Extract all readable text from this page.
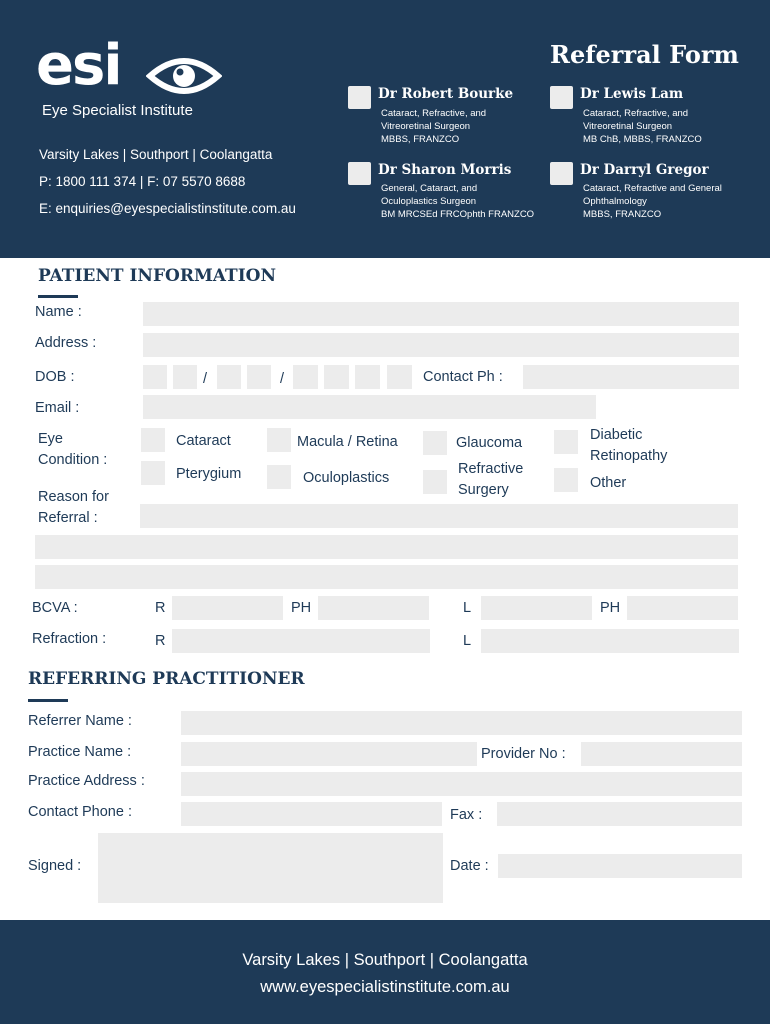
esi
Eye Specialist Institute
Varsity Lakes | Southport | Coolangatta
P: 1800 111 374 | F: 07 5570 8688
E: enquiries@eyespecialistinstitute.com.au
Referral Form
Dr Robert Bourke
Cataract, Refractive, and
Vitreoretinal Surgeon
MBBS, FRANZCO
Dr Lewis Lam
Cataract, Refractive, and
Vitreoretinal Surgeon
MB ChB, MBBS, FRANZCO
Dr Sharon Morris
General, Cataract, and
Oculoplastics Surgeon
BM MRCSEd FRCOphth FRANZCO
Dr Darryl Gregor
Cataract, Refractive and General
Ophthalmology
MBBS, FRANZCO
PATIENT INFORMATION
Name :
Address :
DOB :	/	/	Contact Ph :
Email :
Eye
Condition :
Cataract	Macula / Retina	Glaucoma	Diabetic
Retinopathy
Pterygium	Oculoplastics
Refractive
Surgery	Other
Reason for
Referral :
BCVA :	R	PH	L	PH
Refraction :	R	L
REFERRING PRACTITIONER
Referrer Name :
Practice Name :	Provider No :
Practice Address :
Contact Phone :	Fax :
Signed :	Date :
Varsity Lakes | Southport | Coolangatta
www.eyespecialistinstitute.com.au
